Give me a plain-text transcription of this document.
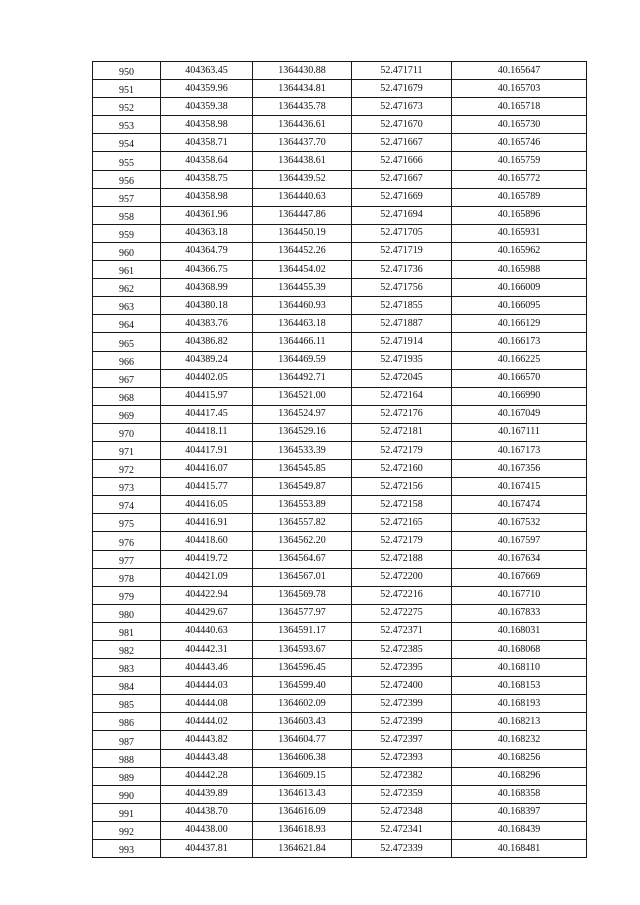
950	404363.45	1364430.88	52.471711	40.165647
951	404359.96	1364434.81	52.471679	40.165703
952	404359.38	1364435.78	52.471673	40.165718
953	404358.98	1364436.61	52.471670	40.165730
954	404358.71	1364437.70	52.471667	40.165746
955	404358.64	1364438.61	52.471666	40.165759
956	404358.75	1364439.52	52.471667	40.165772
957	404358.98	1364440.63	52.471669	40.165789
958	404361.96	1364447.86	52.471694	40.165896
959	404363.18	1364450.19	52.471705	40.165931
960	404364.79	1364452.26	52.471719	40.165962
961	404366.75	1364454.02	52.471736	40.165988
962	404368.99	1364455.39	52.471756	40.166009
963	404380.18	1364460.93	52.471855	40.166095
964	404383.76	1364463.18	52.471887	40.166129
965	404386.82	1364466.11	52.471914	40.166173
966	404389.24	1364469.59	52.471935	40.166225
967	404402.05	1364492.71	52.472045	40.166570
968	404415.97	1364521.00	52.472164	40.166990
969	404417.45	1364524.97	52.472176	40.167049
970	404418.11	1364529.16	52.472181	40.167111
971	404417.91	1364533.39	52.472179	40.167173
972	404416.07	1364545.85	52.472160	40.167356
973	404415.77	1364549.87	52.472156	40.167415
974	404416.05	1364553.89	52.472158	40.167474
975	404416.91	1364557.82	52.472165	40.167532
976	404418.60	1364562.20	52.472179	40.167597
977	404419.72	1364564.67	52.472188	40.167634
978	404421.09	1364567.01	52.472200	40.167669
979	404422.94	1364569.78	52.472216	40.167710
980	404429.67	1364577.97	52.472275	40.167833
981	404440.63	1364591.17	52.472371	40.168031
982	404442.31	1364593.67	52.472385	40.168068
983	404443.46	1364596.45	52.472395	40.168110
984	404444.03	1364599.40	52.472400	40.168153
985	404444.08	1364602.09	52.472399	40.168193
986	404444.02	1364603.43	52.472399	40.168213
987	404443.82	1364604.77	52.472397	40.168232
988	404443.48	1364606.38	52.472393	40.168256
989	404442.28	1364609.15	52.472382	40.168296
990	404439.89	1364613.43	52.472359	40.168358
991	404438.70	1364616.09	52.472348	40.168397
992	404438.00	1364618.93	52.472341	40.168439
993	404437.81	1364621.84	52.472339	40.168481
